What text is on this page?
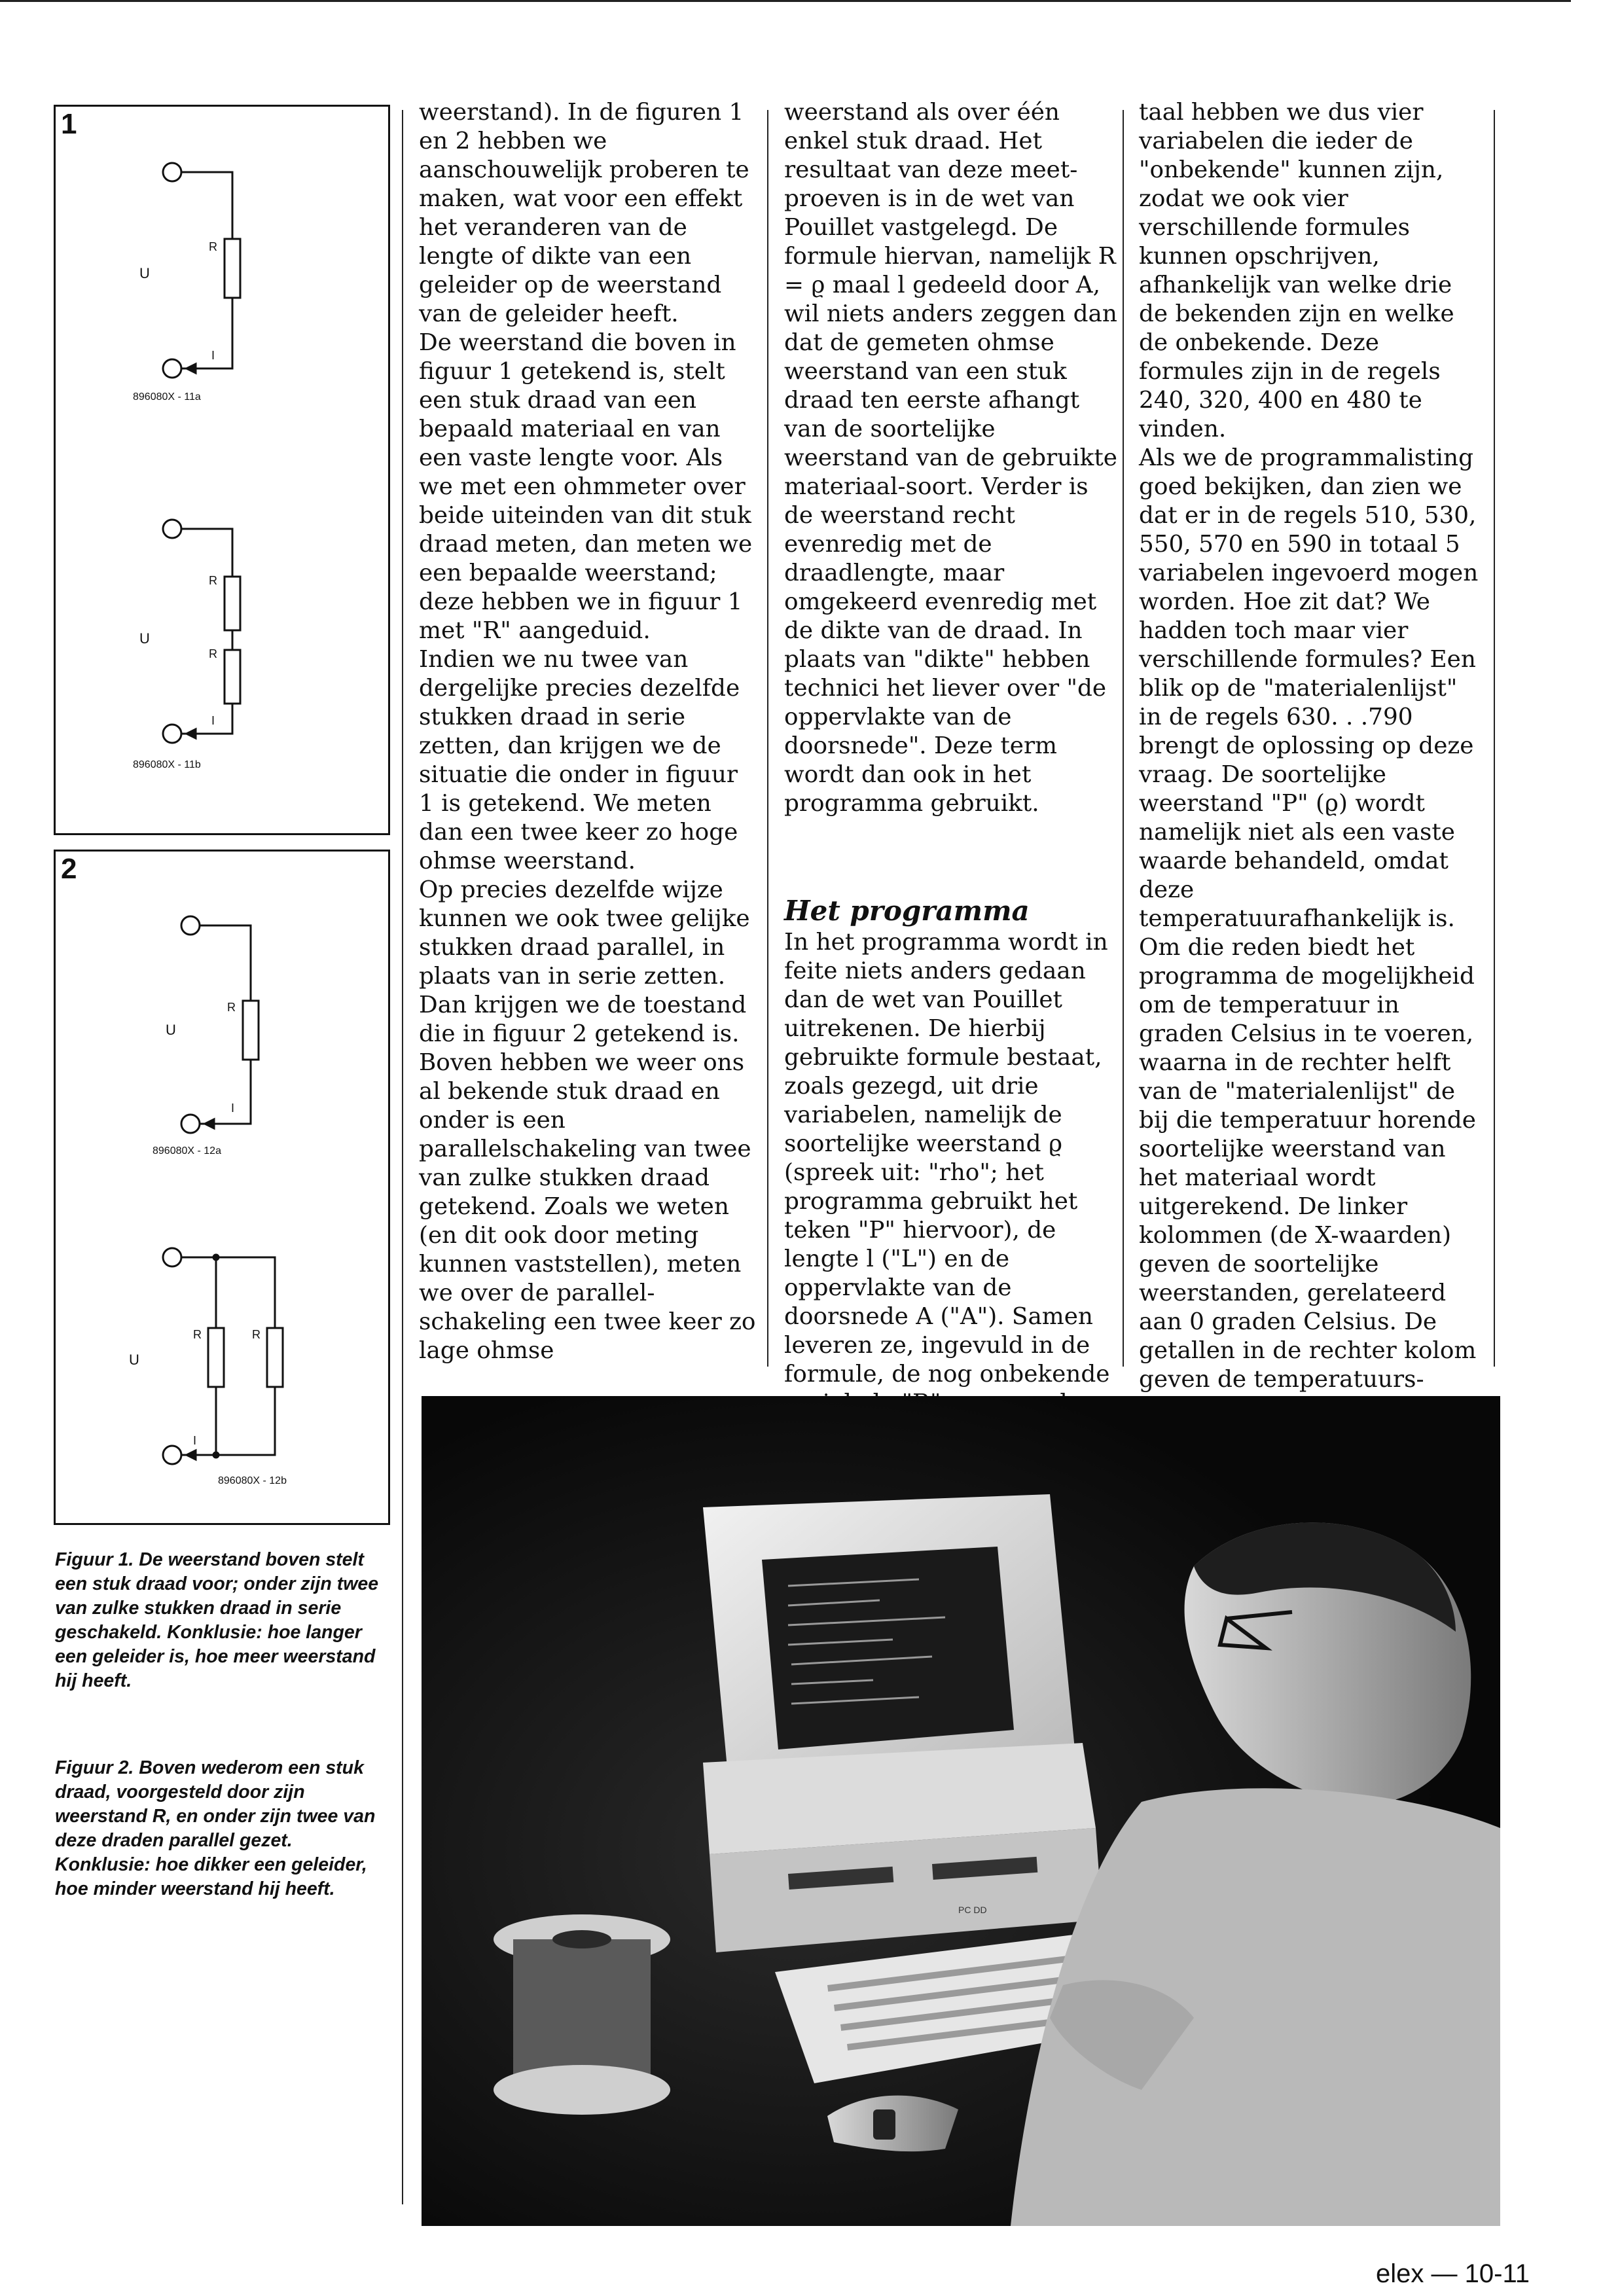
1
U
R
I
896080X - 11a
U
R
R
I
896080X - 11b
2
U
R
I
896080X - 12a
U
R	R
I
896080X - 12b

Figuur 1. De weerstand boven stelt een stuk draad voor; onder zijn twee van zulke stukken draad in serie geschakeld. Konklusie: hoe langer een geleider is, hoe meer weerstand hij heeft.

Figuur 2. Boven wederom een stuk draad, voorgesteld door zijn weerstand R, en onder zijn twee van deze draden parallel gezet. Konklusie: hoe dikker een geleider, hoe minder weerstand hij heeft.

weerstand). In de figuren 1 en 2 hebben we aanschouwelijk proberen te maken, wat voor een effekt het veranderen van de lengte of dikte van een geleider op de weerstand van de geleider heeft.

De weerstand die boven in figuur 1 getekend is, stelt een stuk draad van een bepaald materiaal en van een vaste lengte voor. Als we met een ohmmeter over beide uiteinden van dit stuk draad meten, dan meten we een bepaalde weerstand; deze hebben we in figuur 1 met "R" aangeduid.

Indien we nu twee van dergelijke precies dezelfde stukken draad in serie zetten, dan krijgen we de situatie die onder in figuur 1 is getekend. We meten dan een twee keer zo hoge ohmse weerstand.

Op precies dezelfde wijze kunnen we ook twee gelijke stukken draad parallel, in plaats van in serie zetten. Dan krijgen we de toestand die in figuur 2 getekend is. Boven hebben we weer ons al bekende stuk draad en onder is een parallelschakeling van twee van zulke stukken draad getekend. Zoals we weten (en dit ook door meting kunnen vaststellen), meten we over de parallel-schakeling een twee keer zo lage ohmse

weerstand als over één enkel stuk draad. Het resultaat van deze meet-proeven is in de wet van Pouillet vastgelegd. De formule hiervan, namelijk R = ϱ maal l gedeeld door A, wil niets anders zeggen dan dat de gemeten ohmse weerstand van een stuk draad ten eerste afhangt van de soortelijke weerstand van de gebruikte materiaal-soort. Verder is de weerstand recht evenredig met de draadlengte, maar omgekeerd evenredig met de dikte van de draad. In plaats van "dikte" hebben technici het liever over "de oppervlakte van de doorsnede". Deze term wordt dan ook in het programma gebruikt.

Het programma

In het programma wordt in feite niets anders gedaan dan de wet van Pouillet uitrekenen. De hierbij gebruikte formule bestaat, zoals gezegd, uit drie variabelen, namelijk de soortelijke weerstand ϱ (spreek uit: "rho"; het programma gebruikt het teken "P" hiervoor), de lengte l ("L") en de oppervlakte van de doorsnede A ("A"). Samen leveren ze, ingevuld in de formule, de nog onbekende

taal hebben we dus vier variabelen die ieder de "onbekende" kunnen zijn, zodat we ook vier verschillende formules kunnen opschrijven, afhankelijk van welke drie de bekenden zijn en welke de onbekende. Deze formules zijn in de regels 240, 320, 400 en 480 te vinden.

Als we de programmalisting goed bekijken, dan zien we dat er in de regels 510, 530, 550, 570 en 590 in totaal 5 variabelen ingevoerd mogen worden. Hoe zit dat? We hadden toch maar vier verschillende formules? Een blik op de "materialenlijst" in de regels 630. . .790 brengt de oplossing op deze vraag. De soortelijke weerstand "P" (ϱ) wordt namelijk niet als een vaste waarde behandeld, omdat deze temperatuurafhankelijk is. Om die reden biedt het programma de mogelijkheid om de temperatuur in graden Celsius in te voeren, waarna in de rechter helft van de "materialenlijst" de bij die temperatuur horende soortelijke weerstand van het materiaal wordt uitgerekend. De linker kolommen (de X-waarden) geven de soortelijke weerstanden, gerelateerd aan 0 graden Celsius. De getallen in de rechter kolom geven de temperatuurs-

PC DD
elex — 10-11
